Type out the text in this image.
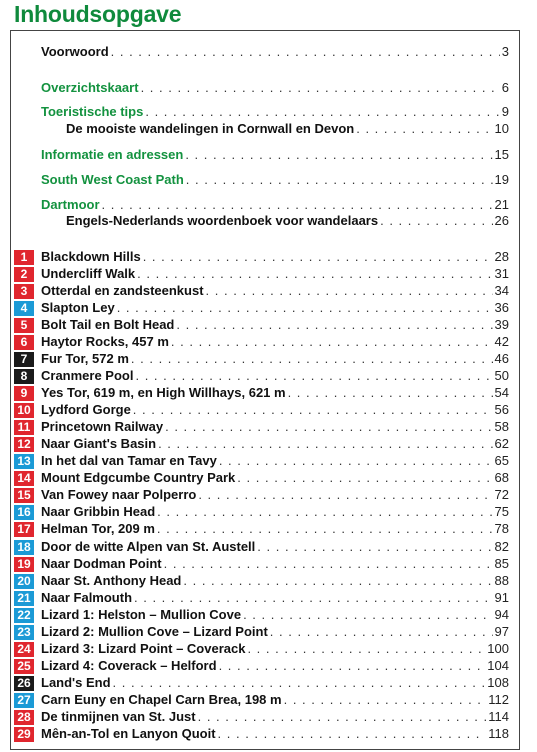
Inhoudsopgave
Voorwoord . . .	3
Overzichtskaart . . .	6
Toeristische tips . . .	9
De mooiste wandelingen in Cornwall en Devon . . .	10
Informatie en adressen . . .	15
South West Coast Path . . .	19
Dartmoor . . .	21
Engels-Nederlands woordenboek voor wandelaars . . .	26
1	Blackdown Hills . . .	28
2	Undercliff Walk . . .	31
3	Otterdal en zandsteenkust . . .	34
4	Slapton Ley . . .	36
5	Bolt Tail en Bolt Head . . .	39
6	Haytor Rocks, 457 m . . .	42
7	Fur Tor, 572 m . . .	46
8	Cranmere Pool . . .	50
9	Yes Tor, 619 m, en High Willhays, 621 m . . .	54
10 Lydford Gorge . . .	56
11 Princetown Railway . . .	58
12 Naar Giant's Basin . . .	62
13 In het dal van Tamar en Tavy . . .	65
14 Mount Edgcumbe Country Park . . .	68
15 Van Fowey naar Polperro . . .	72
16 Naar Gribbin Head . . .	75
17 Helman Tor, 209 m . . .	78
18 Door de witte Alpen van St. Austell . . .	82
19 Naar Dodman Point . . .	85
20 Naar St. Anthony Head . . .	88
21 Naar Falmouth . . .	91
22 Lizard 1: Helston – Mullion Cove . . .	94
23 Lizard 2: Mullion Cove – Lizard Point . . .	97
24 Lizard 3: Lizard Point – Coverack . . .	100
25 Lizard 4: Coverack – Helford . . .	104
26 Land's End . . .	108
27 Carn Euny en Chapel Carn Brea, 198 m . . .	112
28 De tinmijnen van St. Just . . .	114
29 Mên-an-Tol en Lanyon Quoit . . .	118
